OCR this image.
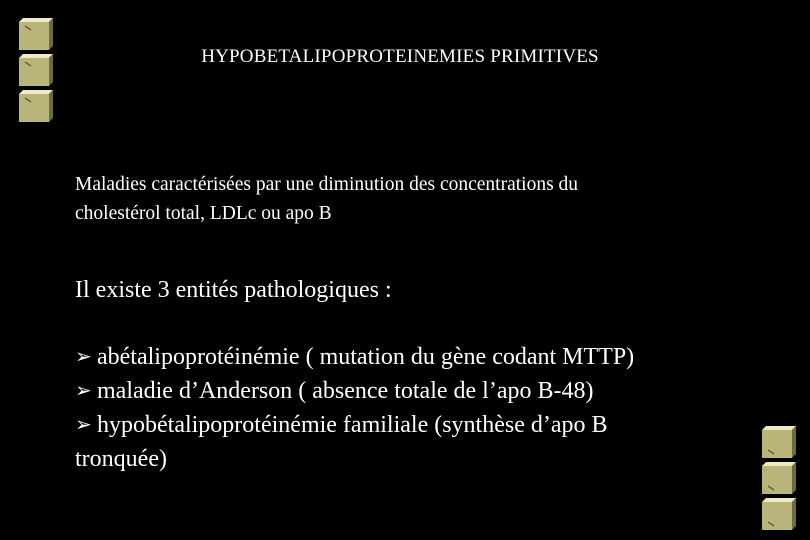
HYPOBETALIPOPROTEINEMIES PRIMITIVES
Maladies caractérisées par une diminution des concentrations du
cholestérol total, LDLc ou apo B
Il existe 3 entités pathologiques :
➢ abétalipoprotéinémie ( mutation du gène codant MTTP)
➢ maladie d’Anderson ( absence totale de l’apo B-48)
➢ hypobétalipoprotéinémie familiale (synthèse d’apo B
tronquée)
